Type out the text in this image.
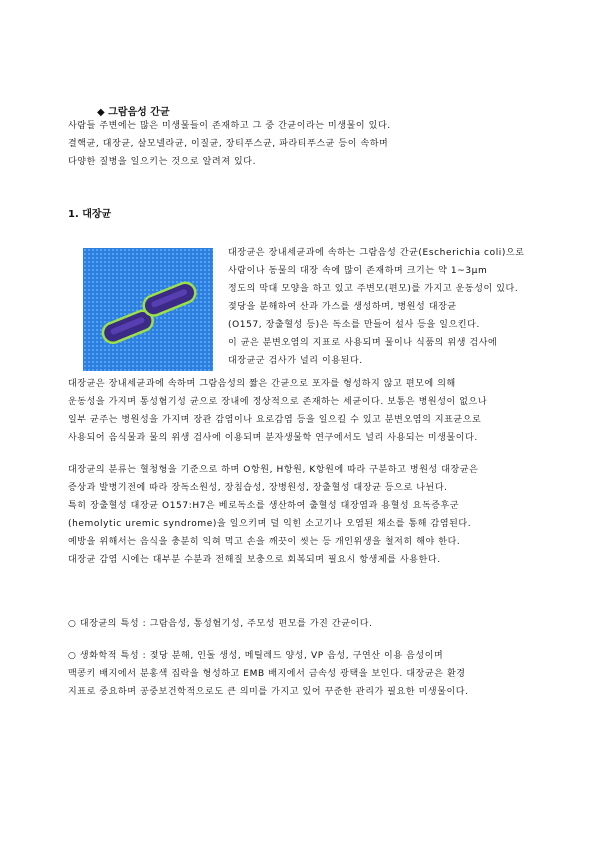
◆ 그람음성 간균
사람들 주변에는 많은 미생물들이 존재하고 그 중 간균이라는 미생물이 있다.
결핵균, 대장균, 살모넬라균, 이질균, 장티푸스균, 파라티푸스균 등이 속하며
다양한 질병을 일으키는 것으로 알려져 있다.
1. 대장균
대장균은 장내세균과에 속하는 그람음성 간균(Escherichia coli)으로
사람이나 동물의 대장 속에 많이 존재하며 크기는 약 1~3μm
정도의 막대 모양을 하고 있고 주변모(편모)를 가지고 운동성이 있다.
젖당을 분해하여 산과 가스를 생성하며, 병원성 대장균
(O157, 장출혈성 등)은 독소를 만들어 설사 등을 일으킨다.
이 균은 분변오염의 지표로 사용되며 물이나 식품의 위생 검사에
대장균군 검사가 널리 이용된다.
대장균은 장내세균과에 속하며 그람음성의 짧은 간균으로 포자를 형성하지 않고 편모에 의해
운동성을 가지며 통성혐기성 균으로 장내에 정상적으로 존재하는 세균이다. 보통은 병원성이 없으나
일부 균주는 병원성을 가지며 장관 감염이나 요로감염 등을 일으킬 수 있고 분변오염의 지표균으로
사용되어 음식물과 물의 위생 검사에 이용되며 분자생물학 연구에서도 널리 사용되는 미생물이다.
대장균의 분류는 혈청형을 기준으로 하며 O항원, H항원, K항원에 따라 구분하고 병원성 대장균은
증상과 발병기전에 따라 장독소원성, 장침습성, 장병원성, 장출혈성 대장균 등으로 나뉜다.
특히 장출혈성 대장균 O157:H7은 베로독소를 생산하여 출혈성 대장염과 용혈성 요독증후군
(hemolytic uremic syndrome)을 일으키며 덜 익힌 소고기나 오염된 채소를 통해 감염된다.
예방을 위해서는 음식을 충분히 익혀 먹고 손을 깨끗이 씻는 등 개인위생을 철저히 해야 한다.
대장균 감염 시에는 대부분 수분과 전해질 보충으로 회복되며 필요시 항생제를 사용한다.
○ 대장균의 특성 : 그람음성, 통성혐기성, 주모성 편모를 가진 간균이다.
○ 생화학적 특성 : 젖당 분해, 인돌 생성, 메틸레드 양성, VP 음성, 구연산 이용 음성이며
맥콩키 배지에서 분홍색 집락을 형성하고 EMB 배지에서 금속성 광택을 보인다. 대장균은 환경
지표로 중요하며 공중보건학적으로도 큰 의미를 가지고 있어 꾸준한 관리가 필요한 미생물이다.
